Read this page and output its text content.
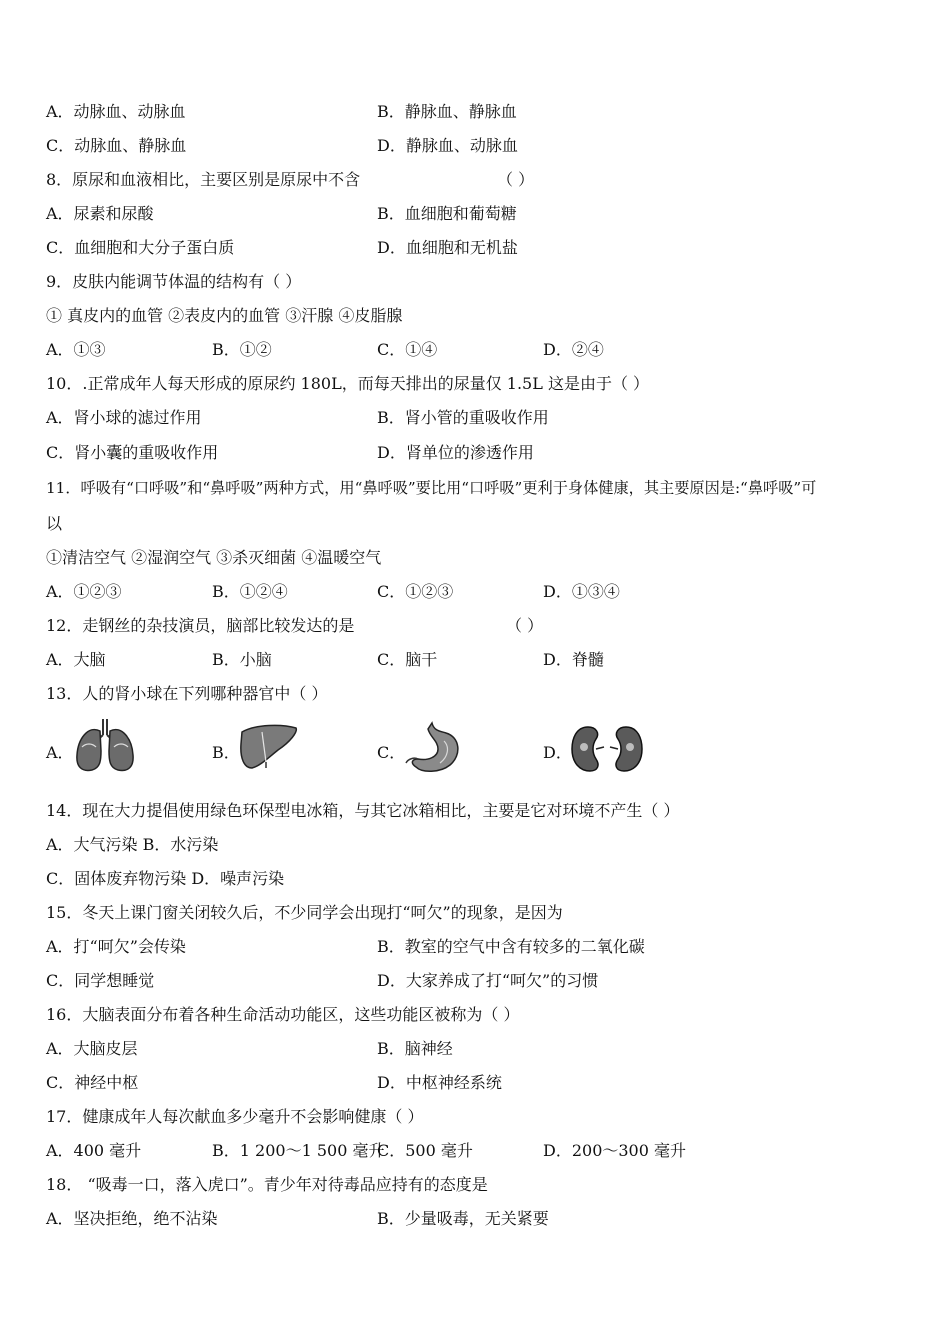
A．动脉血、动脉血	B．静脉血、静脉血
C．动脉血、静脉血	D．静脉血、动脉血
8．原尿和血液相比，主要区别是原尿中不含	（ ）
A．尿素和尿酸	B．血细胞和葡萄糖
C．血细胞和大分子蛋白质	D．血细胞和无机盐
9．皮肤内能调节体温的结构有（ ）
① 真皮内的血管 ②表皮内的血管 ③汗腺 ④皮脂腺
A．①③	B．①②	C．①④	D．②④
10．.正常成年人每天形成的原尿约 180L，而每天排出的尿量仅 1.5L 这是由于（ ）
A．肾小球的滤过作用	B．肾小管的重吸收作用
C．肾小囊的重吸收作用	D．肾单位的渗透作用
11．呼吸有“口呼吸”和“鼻呼吸”两种方式，用“鼻呼吸”要比用“口呼吸”更利于身体健康，其主要原因是:“鼻呼吸”可
以
①清洁空气 ②湿润空气 ③杀灭细菌 ④温暖空气
A．①②③	B．①②④	C．①②③	D．①③④
12．走钢丝的杂技演员，脑部比较发达的是	（ ）
A．大脑	B．小脑	C．脑干	D．脊髓
13．人的肾小球在下列哪种器官中（ ）
A．	B．	C．	D．
14．现在大力提倡使用绿色环保型电冰箱，与其它冰箱相比，主要是它对环境不产生（ ）
A．大气污染 B．水污染
C．固体废弃物污染 D．噪声污染
15．冬天上课门窗关闭较久后，不少同学会出现打“呵欠”的现象，是因为
A．打“呵欠”会传染	B．教室的空气中含有较多的二氧化碳
C．同学想睡觉	D．大家养成了打“呵欠”的习惯
16．大脑表面分布着各种生命活动功能区，这些功能区被称为（ ）
A．大脑皮层	B．脑神经
C．神经中枢	D．中枢神经系统
17．健康成年人每次献血多少毫升不会影响健康（ ）
A．400 毫升	B．1 200～1 500 毫升
C．500 毫升	D．200～300 毫升
18． “吸毒一口，落入虎口”。青少年对待毒品应持有的态度是
A．坚决拒绝，绝不沾染	B．少量吸毒，无关紧要
